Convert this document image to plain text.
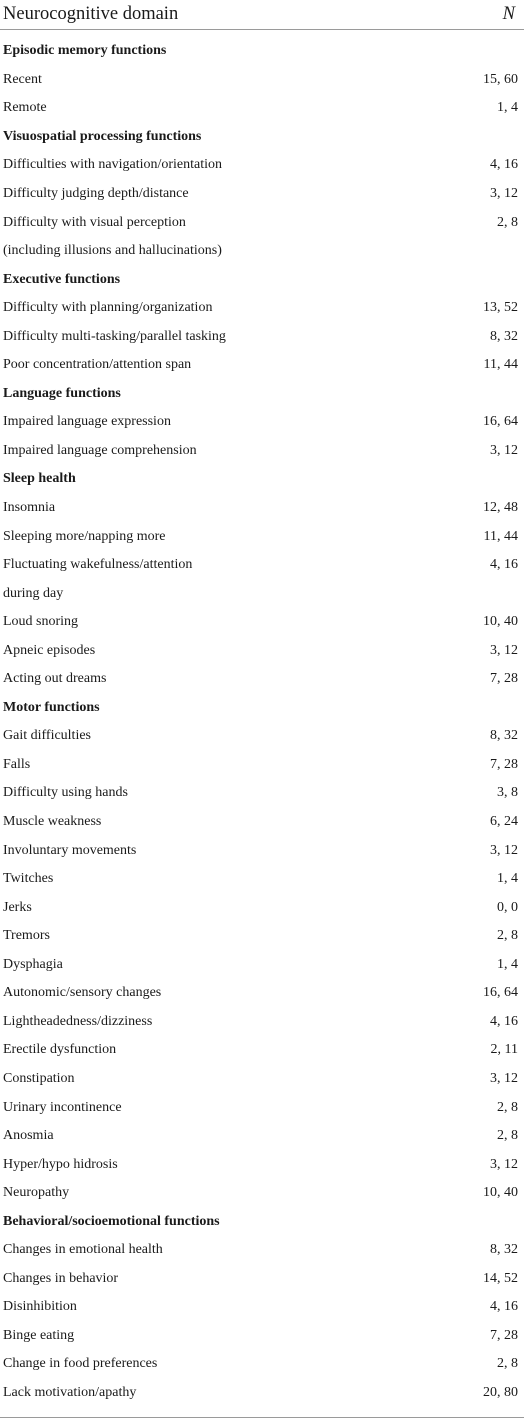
Neurocognitive domain	N
Episodic memory functions
Recent	15, 60
Remote	1, 4
Visuospatial processing functions
Difficulties with navigation/orientation	4, 16
Difficulty judging depth/distance	3, 12
Difficulty with visual perception	2, 8
(including illusions and hallucinations)
Executive functions
Difficulty with planning/organization	13, 52
Difficulty multi-tasking/parallel tasking	8, 32
Poor concentration/attention span	11, 44
Language functions
Impaired language expression	16, 64
Impaired language comprehension	3, 12
Sleep health
Insomnia	12, 48
Sleeping more/napping more	11, 44
Fluctuating wakefulness/attention	4, 16
during day
Loud snoring	10, 40
Apneic episodes	3, 12
Acting out dreams	7, 28
Motor functions
Gait difficulties	8, 32
Falls	7, 28
Difficulty using hands	3, 8
Muscle weakness	6, 24
Involuntary movements	3, 12
Twitches	1, 4
Jerks	0, 0
Tremors	2, 8
Dysphagia	1, 4
Autonomic/sensory changes	16, 64
Lightheadedness/dizziness	4, 16
Erectile dysfunction	2, 11
Constipation	3, 12
Urinary incontinence	2, 8
Anosmia	2, 8
Hyper/hypo hidrosis	3, 12
Neuropathy	10, 40
Behavioral/socioemotional functions
Changes in emotional health	8, 32
Changes in behavior	14, 52
Disinhibition	4, 16
Binge eating	7, 28
Change in food preferences	2, 8
Lack motivation/apathy	20, 80
